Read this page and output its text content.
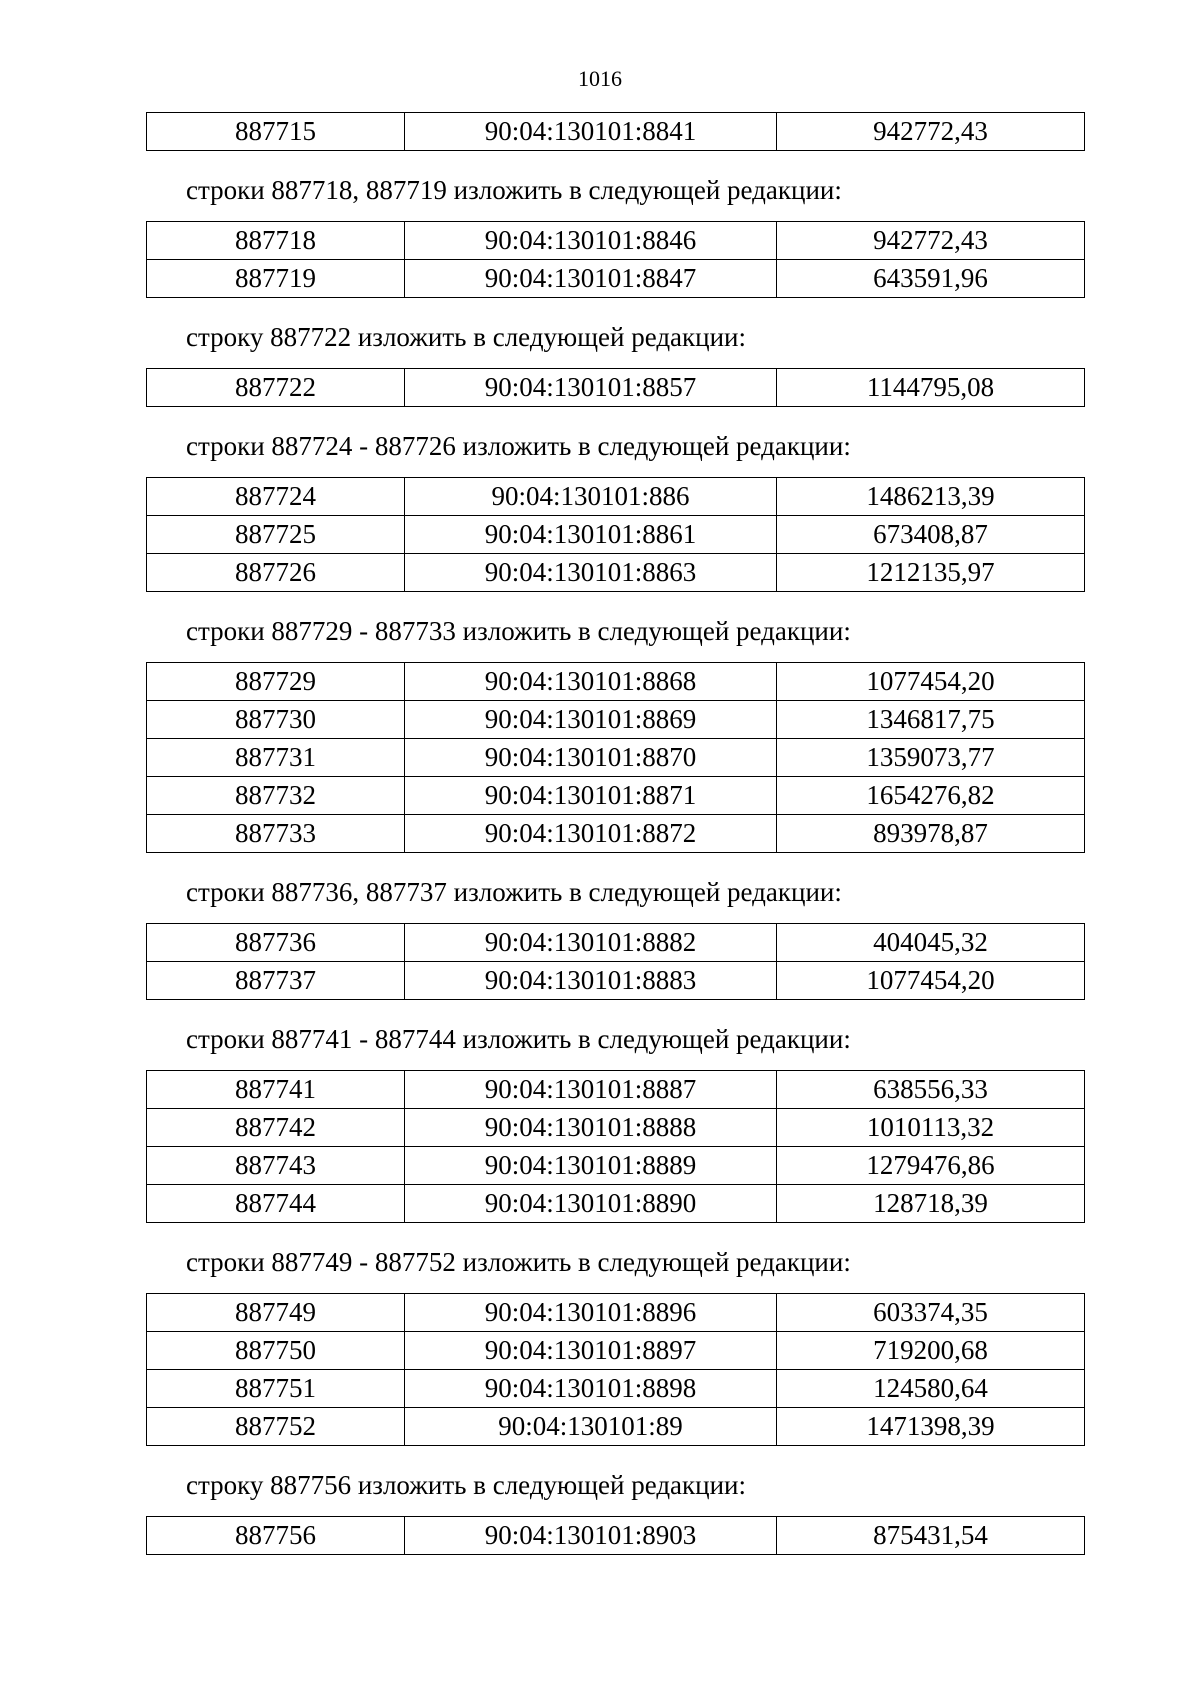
1016
887715	90:04:130101:8841	942772,43

строки 887718, 887719 изложить в следующей редакции:

887718	90:04:130101:8846	942772,43
887719	90:04:130101:8847	643591,96

строку 887722 изложить в следующей редакции:

887722	90:04:130101:8857	1144795,08

строки 887724 - 887726 изложить в следующей редакции:

887724	90:04:130101:886	1486213,39
887725	90:04:130101:8861	673408,87
887726	90:04:130101:8863	1212135,97

строки 887729 - 887733 изложить в следующей редакции:

887729	90:04:130101:8868	1077454,20
887730	90:04:130101:8869	1346817,75
887731	90:04:130101:8870	1359073,77
887732	90:04:130101:8871	1654276,82
887733	90:04:130101:8872	893978,87

строки 887736, 887737 изложить в следующей редакции:

887736	90:04:130101:8882	404045,32
887737	90:04:130101:8883	1077454,20

строки 887741 - 887744 изложить в следующей редакции:

887741	90:04:130101:8887	638556,33
887742	90:04:130101:8888	1010113,32
887743	90:04:130101:8889	1279476,86
887744	90:04:130101:8890	128718,39

строки 887749 - 887752 изложить в следующей редакции:

887749	90:04:130101:8896	603374,35
887750	90:04:130101:8897	719200,68
887751	90:04:130101:8898	124580,64
887752	90:04:130101:89	1471398,39

строку 887756 изложить в следующей редакции:

887756	90:04:130101:8903	875431,54
